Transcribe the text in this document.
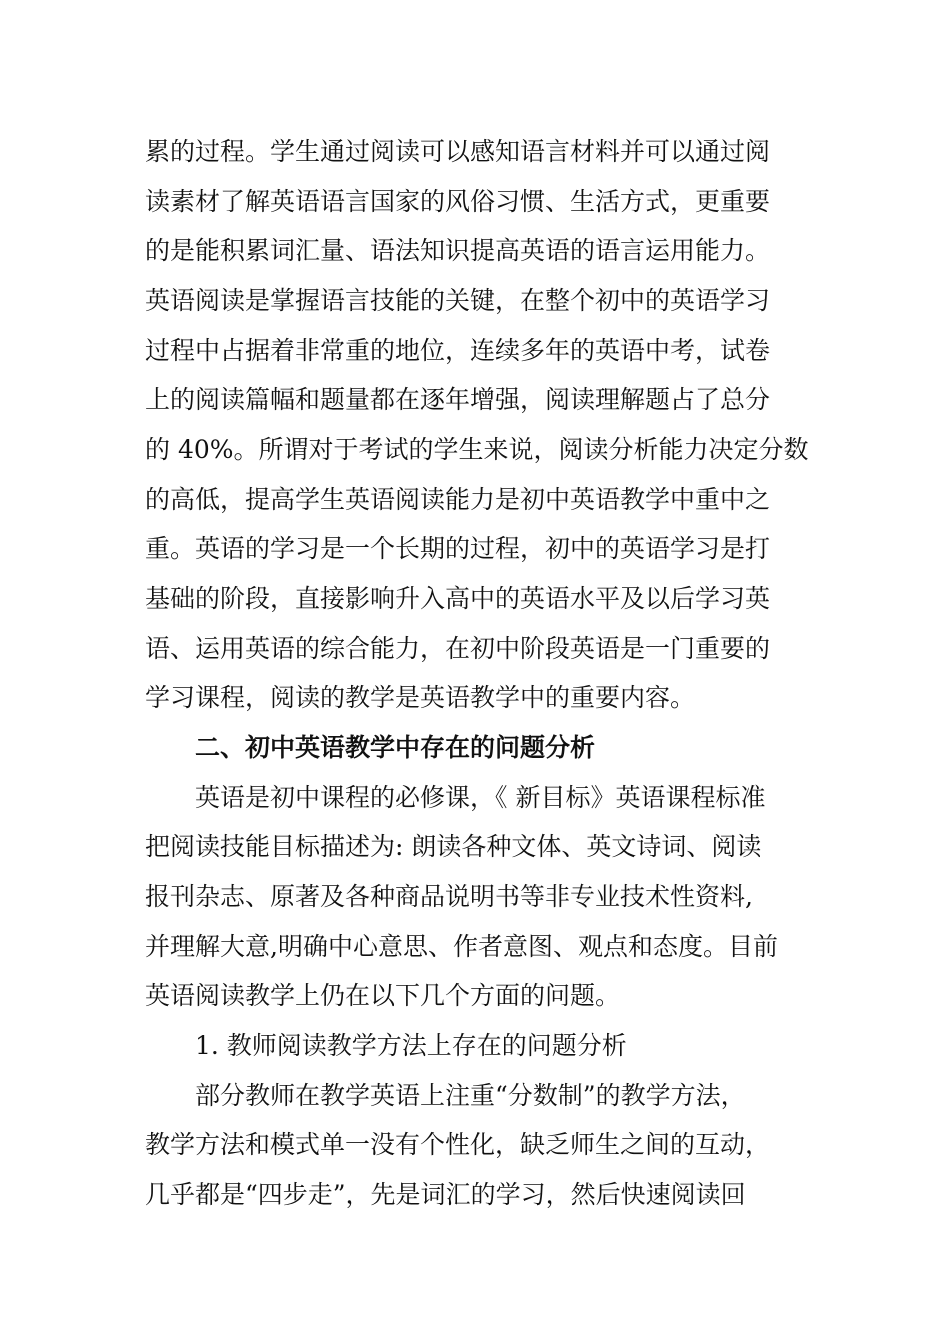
累的过程。学生通过阅读可以感知语言材料并可以通过阅

读素材了解英语语言国家的风俗习惯、生活方式，更重要

的是能积累词汇量、语法知识提高英语的语言运用能力。

英语阅读是掌握语言技能的关键，在整个初中的英语学习

过程中占据着非常重的地位，连续多年的英语中考，试卷

上的阅读篇幅和题量都在逐年增强，阅读理解题占了总分

的 40%。所谓对于考试的学生来说，阅读分析能力决定分数

的高低，提高学生英语阅读能力是初中英语教学中重中之

重。英语的学习是一个长期的过程，初中的英语学习是打

基础的阶段，直接影响升入高中的英语水平及以后学习英

语、运用英语的综合能力，在初中阶段英语是一门重要的

学习课程，阅读的教学是英语教学中的重要内容。

二、初中英语教学中存在的问题分析

英语是初中课程的必修课，《 新目标》英语课程标准

把阅读技能目标描述为: 朗读各种文体、英文诗词、阅读

报刊杂志、原著及各种商品说明书等非专业技术性资料,

并理解大意,明确中心意思、作者意图、观点和态度。目前

英语阅读教学上仍在以下几个方面的问题。

1. 教师阅读教学方法上存在的问题分析

部分教师在教学英语上注重“分数制”的教学方法，

教学方法和模式单一没有个性化，缺乏师生之间的互动，

几乎都是“四步走”，先是词汇的学习，然后快速阅读回
